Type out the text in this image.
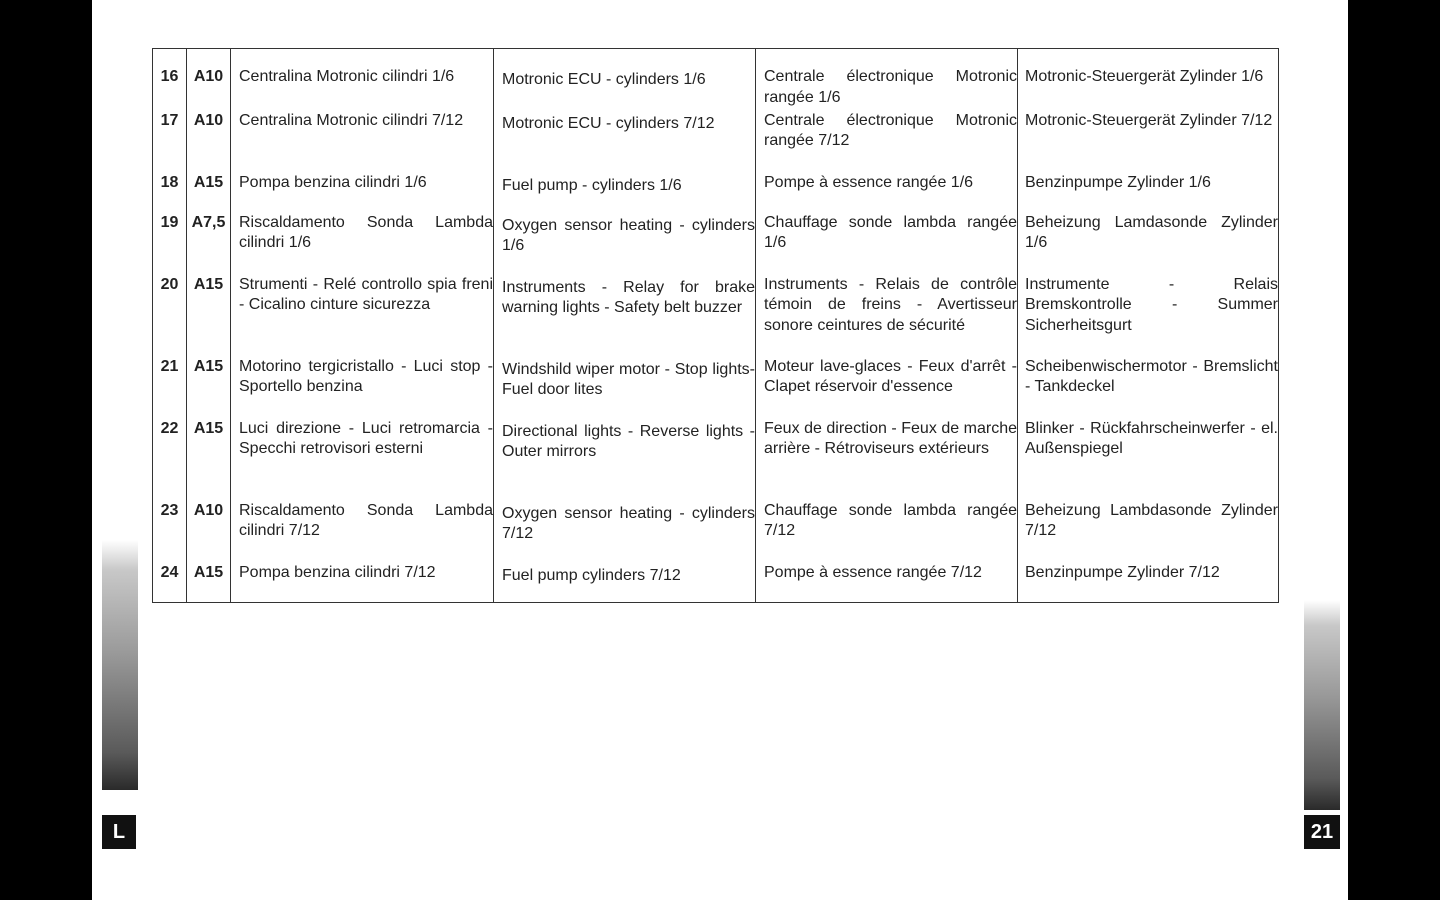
16	A10	Centralina Motronic cilindri 1/6	Motronic ECU - cylinders 1/6	Centrale électronique Motronic rangée 1/6	Motronic-Steuergerät Zylinder 1/6

17	A10	Centralina Motronic cilindri 7/12	Motronic ECU - cylinders 7/12	Centrale électronique Motronic rangée 7/12	Motronic-Steuergerät Zylinder 7/12

18	A15	Pompa benzina cilindri 1/6	Fuel pump - cylinders 1/6	Pompe à essence rangée 1/6	Benzinpumpe Zylinder 1/6

19	A7,5	Riscaldamento Sonda Lambda cilindri 1/6	Oxygen sensor heating - cylinders 1/6	Chauffage sonde lambda rangée 1/6	Beheizung Lamdasonde Zylinder 1/6

20	A15	Strumenti - Relé controllo spia freni - Cicalino cinture sicurezza	Instruments - Relay for brake warning lights - Safety belt buzzer	Instruments - Relais de contrôle témoin de freins - Avertisseur sonore ceintures de sécurité	Instrumente - Relais Bremskontrolle - Summer Sicherheitsgurt

21	A15	Motorino tergicristallo - Luci stop - Sportello benzina	Windshild wiper motor - Stop lights- Fuel door lites	Moteur lave-glaces - Feux d'arrêt - Clapet réservoir d'essence	Scheibenwischermotor - Bremslicht - Tankdeckel

22	A15	Luci direzione - Luci retromarcia - Specchi retrovisori esterni	Directional lights - Reverse lights - Outer mirrors	Feux de direction - Feux de marche arrière - Rétroviseurs extérieurs	Blinker - Rückfahrscheinwerfer - el. Außenspiegel

23	A10	Riscaldamento Sonda Lambda cilindri 7/12	Oxygen sensor heating - cylinders 7/12	Chauffage sonde lambda rangée 7/12	Beheizung Lambdasonde Zylinder 7/12

24	A15	Pompa benzina cilindri 7/12	Fuel pump cylinders 7/12	Pompe à essence rangée 7/12	Benzinpumpe Zylinder 7/12
L	21
